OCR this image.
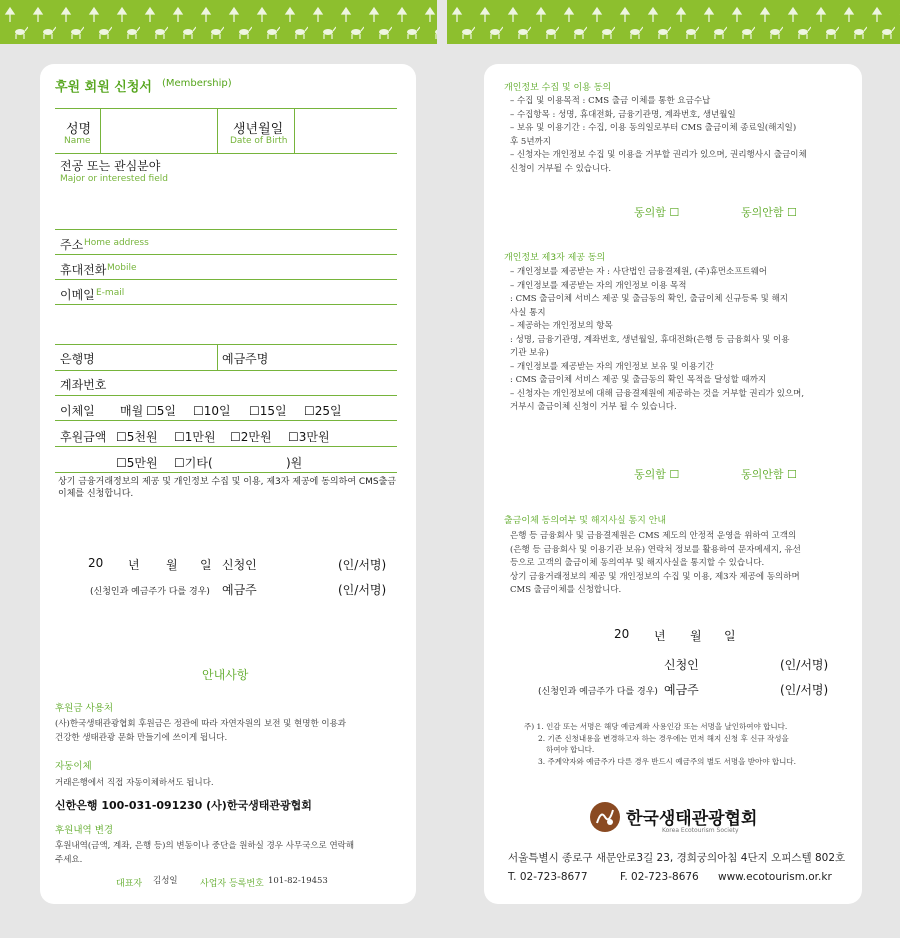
후원 회원 신청서 (Membership)
성명
Name
생년월일
Date of Birth
전공 또는 관심분야
Major or interested field
주소 Home address
휴대전화 Mobile
이메일 E-mail
은행명	예금주명
계좌번호
이체일 매월 ☐5일 ☐10일 ☐15일 ☐25일
후원금액 ☐5천원 ☐1만원 ☐2만원 ☐3만원
☐5만원 ☐기타(	)원
상기 금융거래정보의 제공 및 개인정보 수집 및 이용, 제3자 제공에 동의하여 CMS출금
이체를 신청합니다.
20 년 월 일 신청인	(인/서명)
(신청인과 예금주가 다를 경우) 예금주	(인/서명)
안내사항
후원금 사용처
(사)한국생태관광협회 후원금은 정관에 따라 자연자원의 보전 및 현명한 이용과
건강한 생태관광 문화 만들기에 쓰이게 됩니다.
자동이체
거래은행에서 직접 자동이체하셔도 됩니다.
신한은행 100-031-091230 (사)한국생태관광협회
후원내역 변경
후원내역(금액, 계좌, 은행 등)의 변동이나 중단을 원하실 경우 사무국으로 연락해
주세요.
대표자 김성일 사업자 등록번호 101-82-19453
개인정보 수집 및 이용 동의
– 수집 및 이용목적 : CMS 출금 이체를 통한 요금수납
– 수집항목 : 성명, 휴대전화, 금융기관명, 계좌번호, 생년월일
– 보유 및 이용기간 : 수집, 이용 동의일로부터 CMS 출금이체 종료일(해지일)
후 5년까지
– 신청자는 개인정보 수집 및 이용을 거부할 권리가 있으며, 권리행사시 출금이체
신청이 거부될 수 있습니다.
동의함 ☐	동의안함 ☐
개인정보 제3자 제공 동의
– 개인정보를 제공받는 자 : 사단법인 금융결제원, (주)휴먼소프트웨어
– 개인정보를 제공받는 자의 개인정보 이용 목적
: CMS 출금이체 서비스 제공 및 출금동의 확인, 출금이체 신규등록 및 해지
사실 통지
– 제공하는 개인정보의 항목
: 성명, 금융기관명, 계좌번호, 생년월일, 휴대전화(은행 등 금융회사 및 이용
기관 보유)
– 개인정보를 제공받는 자의 개인정보 보유 및 이용기간
: CMS 출금이체 서비스 제공 및 출금동의 확인 목적을 달성할 때까지
– 신청자는 개인정보에 대해 금융결제원에 제공하는 것을 거부할 권리가 있으며,
거부시 출금이체 신청이 거부 될 수 있습니다.
동의함 ☐	동의안함 ☐
출금이체 동의여부 및 해지사실 통지 안내
은행 등 금융회사 및 금융결제원은 CMS 제도의 안정적 운영을 위하여 고객의
(은행 등 금융회사 및 이용기관 보유) 연락처 정보를 활용하여 문자메세지, 유선
등으로 고객의 출금이체 동의여부 및 해지사실을 통지할 수 있습니다.
상기 금융거래정보의 제공 및 개인정보의 수집 및 이용, 제3자 제공에 동의하며
CMS 출금이체를 신청합니다.
20 년 월 일
신청인	(인/서명)
(신청인과 예금주가 다를 경우) 예금주	(인/서명)
주) 1. 인감 또는 서명은 해당 예금계좌 사용인감 또는 서명을 날인하여야 합니다.
2. 기존 신청내용을 변경하고자 하는 경우에는 먼저 해지 신청 후 신규 작성을
하여야 합니다.
3. 주계약자와 예금주가 다른 경우 반드시 예금주의 별도 서명을 받아야 합니다.
한국생태관광협회
Korea Ecotourism Society
서울특별시 종로구 새문안로3길 23, 경희궁의아침 4단지 오피스텔 802호
T. 02-723-8677	F. 02-723-8676 www.ecotourism.or.kr
